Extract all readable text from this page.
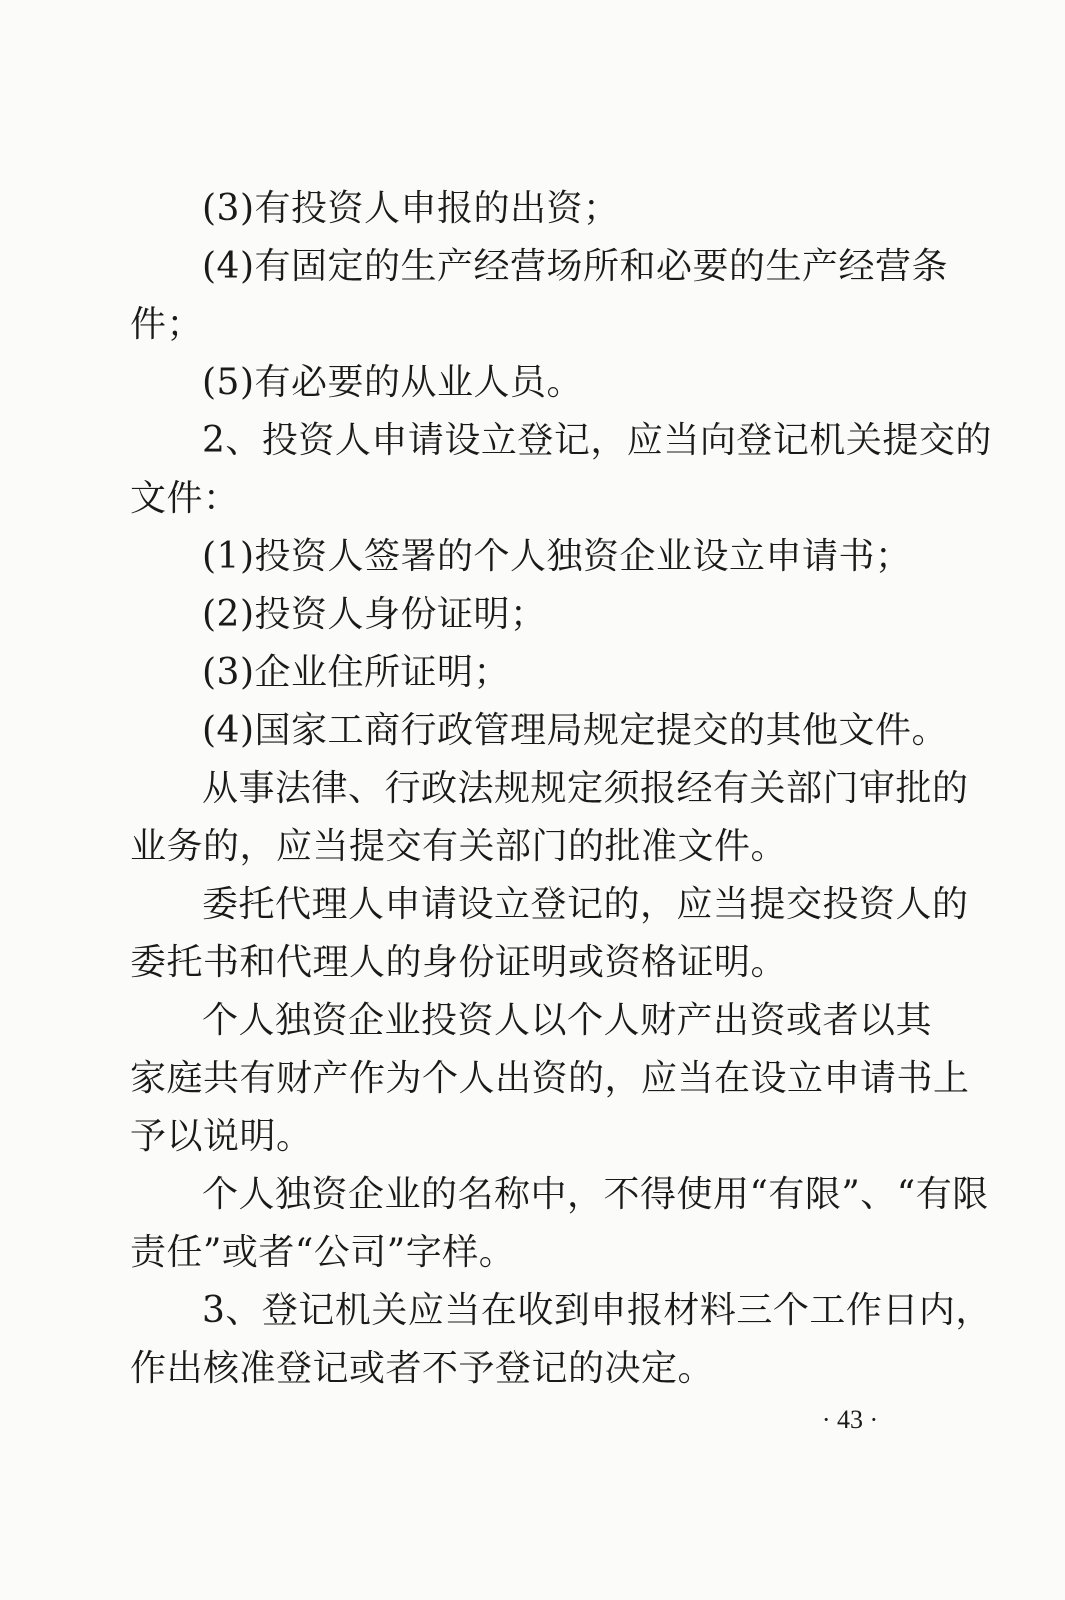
(3)有投资人申报的出资；
(4)有固定的生产经营场所和必要的生产经营条
件；
(5)有必要的从业人员。
2、投资人申请设立登记，应当向登记机关提交的
文件：
(1)投资人签署的个人独资企业设立申请书；
(2)投资人身份证明；
(3)企业住所证明；
(4)国家工商行政管理局规定提交的其他文件。
从事法律、行政法规规定须报经有关部门审批的
业务的，应当提交有关部门的批准文件。
委托代理人申请设立登记的，应当提交投资人的
委托书和代理人的身份证明或资格证明。
个人独资企业投资人以个人财产出资或者以其
家庭共有财产作为个人出资的，应当在设立申请书上
予以说明。
个人独资企业的名称中，不得使用“有限”、“有限
责任”或者“公司”字样。
3、登记机关应当在收到申报材料三个工作日内，
作出核准登记或者不予登记的决定。
· 43 ·
